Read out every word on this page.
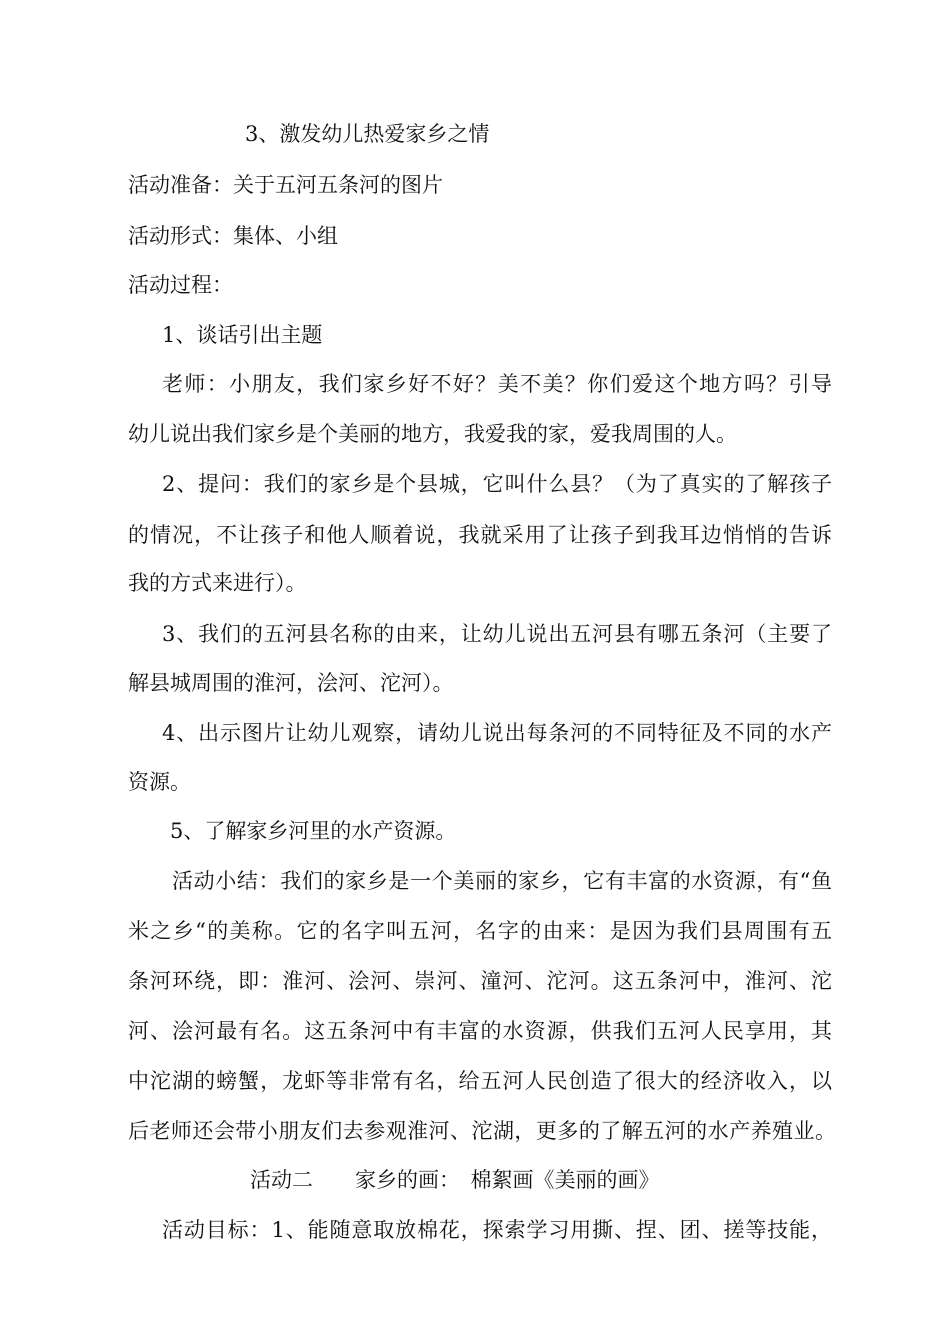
3、激发幼儿热爱家乡之情
活动准备：关于五河五条河的图片
活动形式：集体、小组
活动过程：
1、谈话引出主题
老师：小朋友，我们家乡好不好？美不美？你们爱这个地方吗？引导
幼儿说出我们家乡是个美丽的地方，我爱我的家，爱我周围的人。
2、提问：我们的家乡是个县城，它叫什么县？（为了真实的了解孩子
的情况，不让孩子和他人顺着说，我就采用了让孩子到我耳边悄悄的告诉
我的方式来进行）。
3、我们的五河县名称的由来，让幼儿说出五河县有哪五条河（主要了
解县城周围的淮河，浍河、沱河）。
4、出示图片让幼儿观察，请幼儿说出每条河的不同特征及不同的水产
资源。
5、了解家乡河里的水产资源。
活动小结：我们的家乡是一个美丽的家乡，它有丰富的水资源，有“鱼
米之乡“的美称。它的名字叫五河，名字的由来：是因为我们县周围有五
条河环绕，即：淮河、浍河、崇河、潼河、沱河。这五条河中，淮河、沱
河、浍河最有名。这五条河中有丰富的水资源，供我们五河人民享用，其
中沱湖的螃蟹，龙虾等非常有名，给五河人民创造了很大的经济收入，以
后老师还会带小朋友们去参观淮河、沱湖，更多的了解五河的水产养殖业。
活动二　　家乡的画：　棉絮画《美丽的画》
活动目标：1、能随意取放棉花，探索学习用撕、捏、团、搓等技能，
